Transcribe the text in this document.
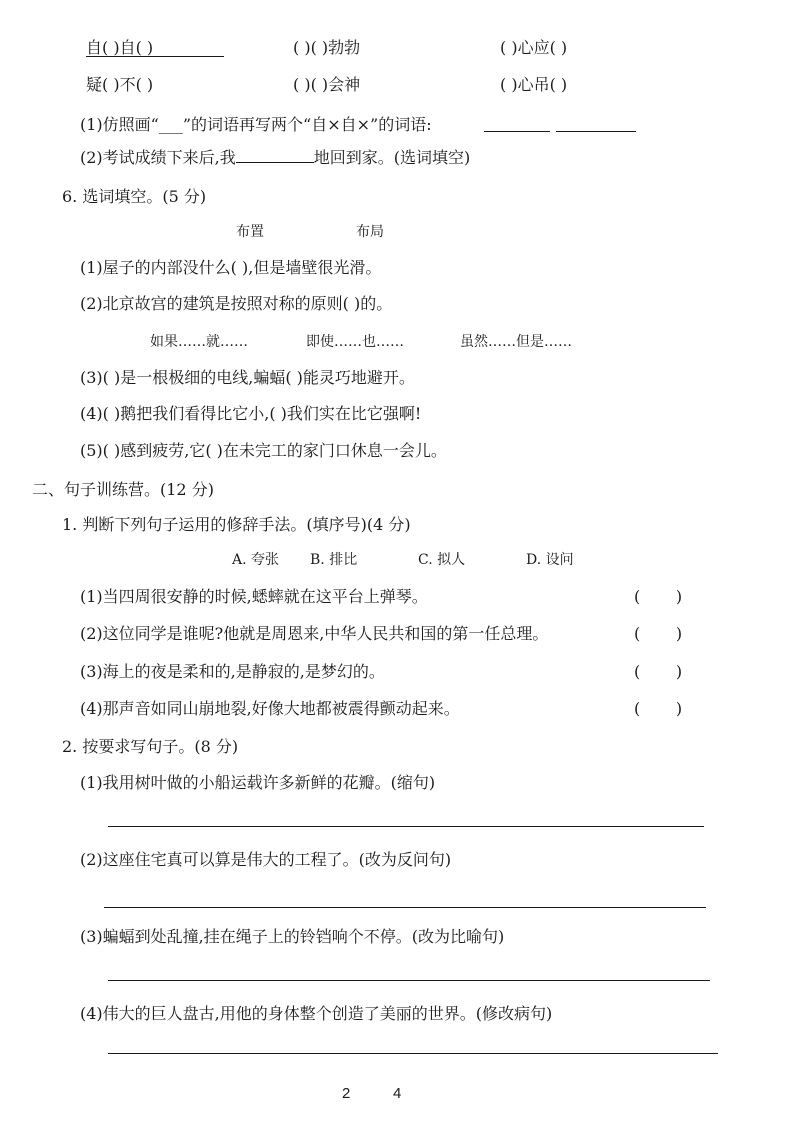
自( )自( )	( )( )勃勃	( )心应( )
疑( )不( )	( )( )会神	( )心吊( )
(1)仿照画“___”的词语再写两个“自×自×”的词语:
(2)考试成绩下来后,我	地回到家。(选词填空)
6. 选词填空。(5 分)
布置	布局
(1)屋子的内部没什么( ),但是墙壁很光滑。
(2)北京故宫的建筑是按照对称的原则( )的。
如果……就……	即使……也……	虽然……但是……
(3)( )是一根极细的电线,蝙蝠( )能灵巧地避开。
(4)( )鹅把我们看得比它小,( )我们实在比它强啊!
(5)( )感到疲劳,它( )在未完工的家门口休息一会儿。
二、句子训练营。(12 分)
1. 判断下列句子运用的修辞手法。(填序号)(4 分)
A. 夸张 B. 排比	C. 拟人	D. 设问
(1)当四周很安静的时候,蟋蟀就在这平台上弹琴。	(       )
(2)这位同学是谁呢?他就是周恩来,中华人民共和国的第一任总理。	(       )
(3)海上的夜是柔和的,是静寂的,是梦幻的。	(       )
(4)那声音如同山崩地裂,好像大地都被震得颤动起来。	(       )
2. 按要求写句子。(8 分)
(1)我用树叶做的小船运载许多新鲜的花瓣。(缩句)
(2)这座住宅真可以算是伟大的工程了。(改为反问句)
(3)蝙蝠到处乱撞,挂在绳子上的铃铛响个不停。(改为比喻句)
(4)伟大的巨人盘古,用他的身体整个创造了美丽的世界。(修改病句)
2	4
